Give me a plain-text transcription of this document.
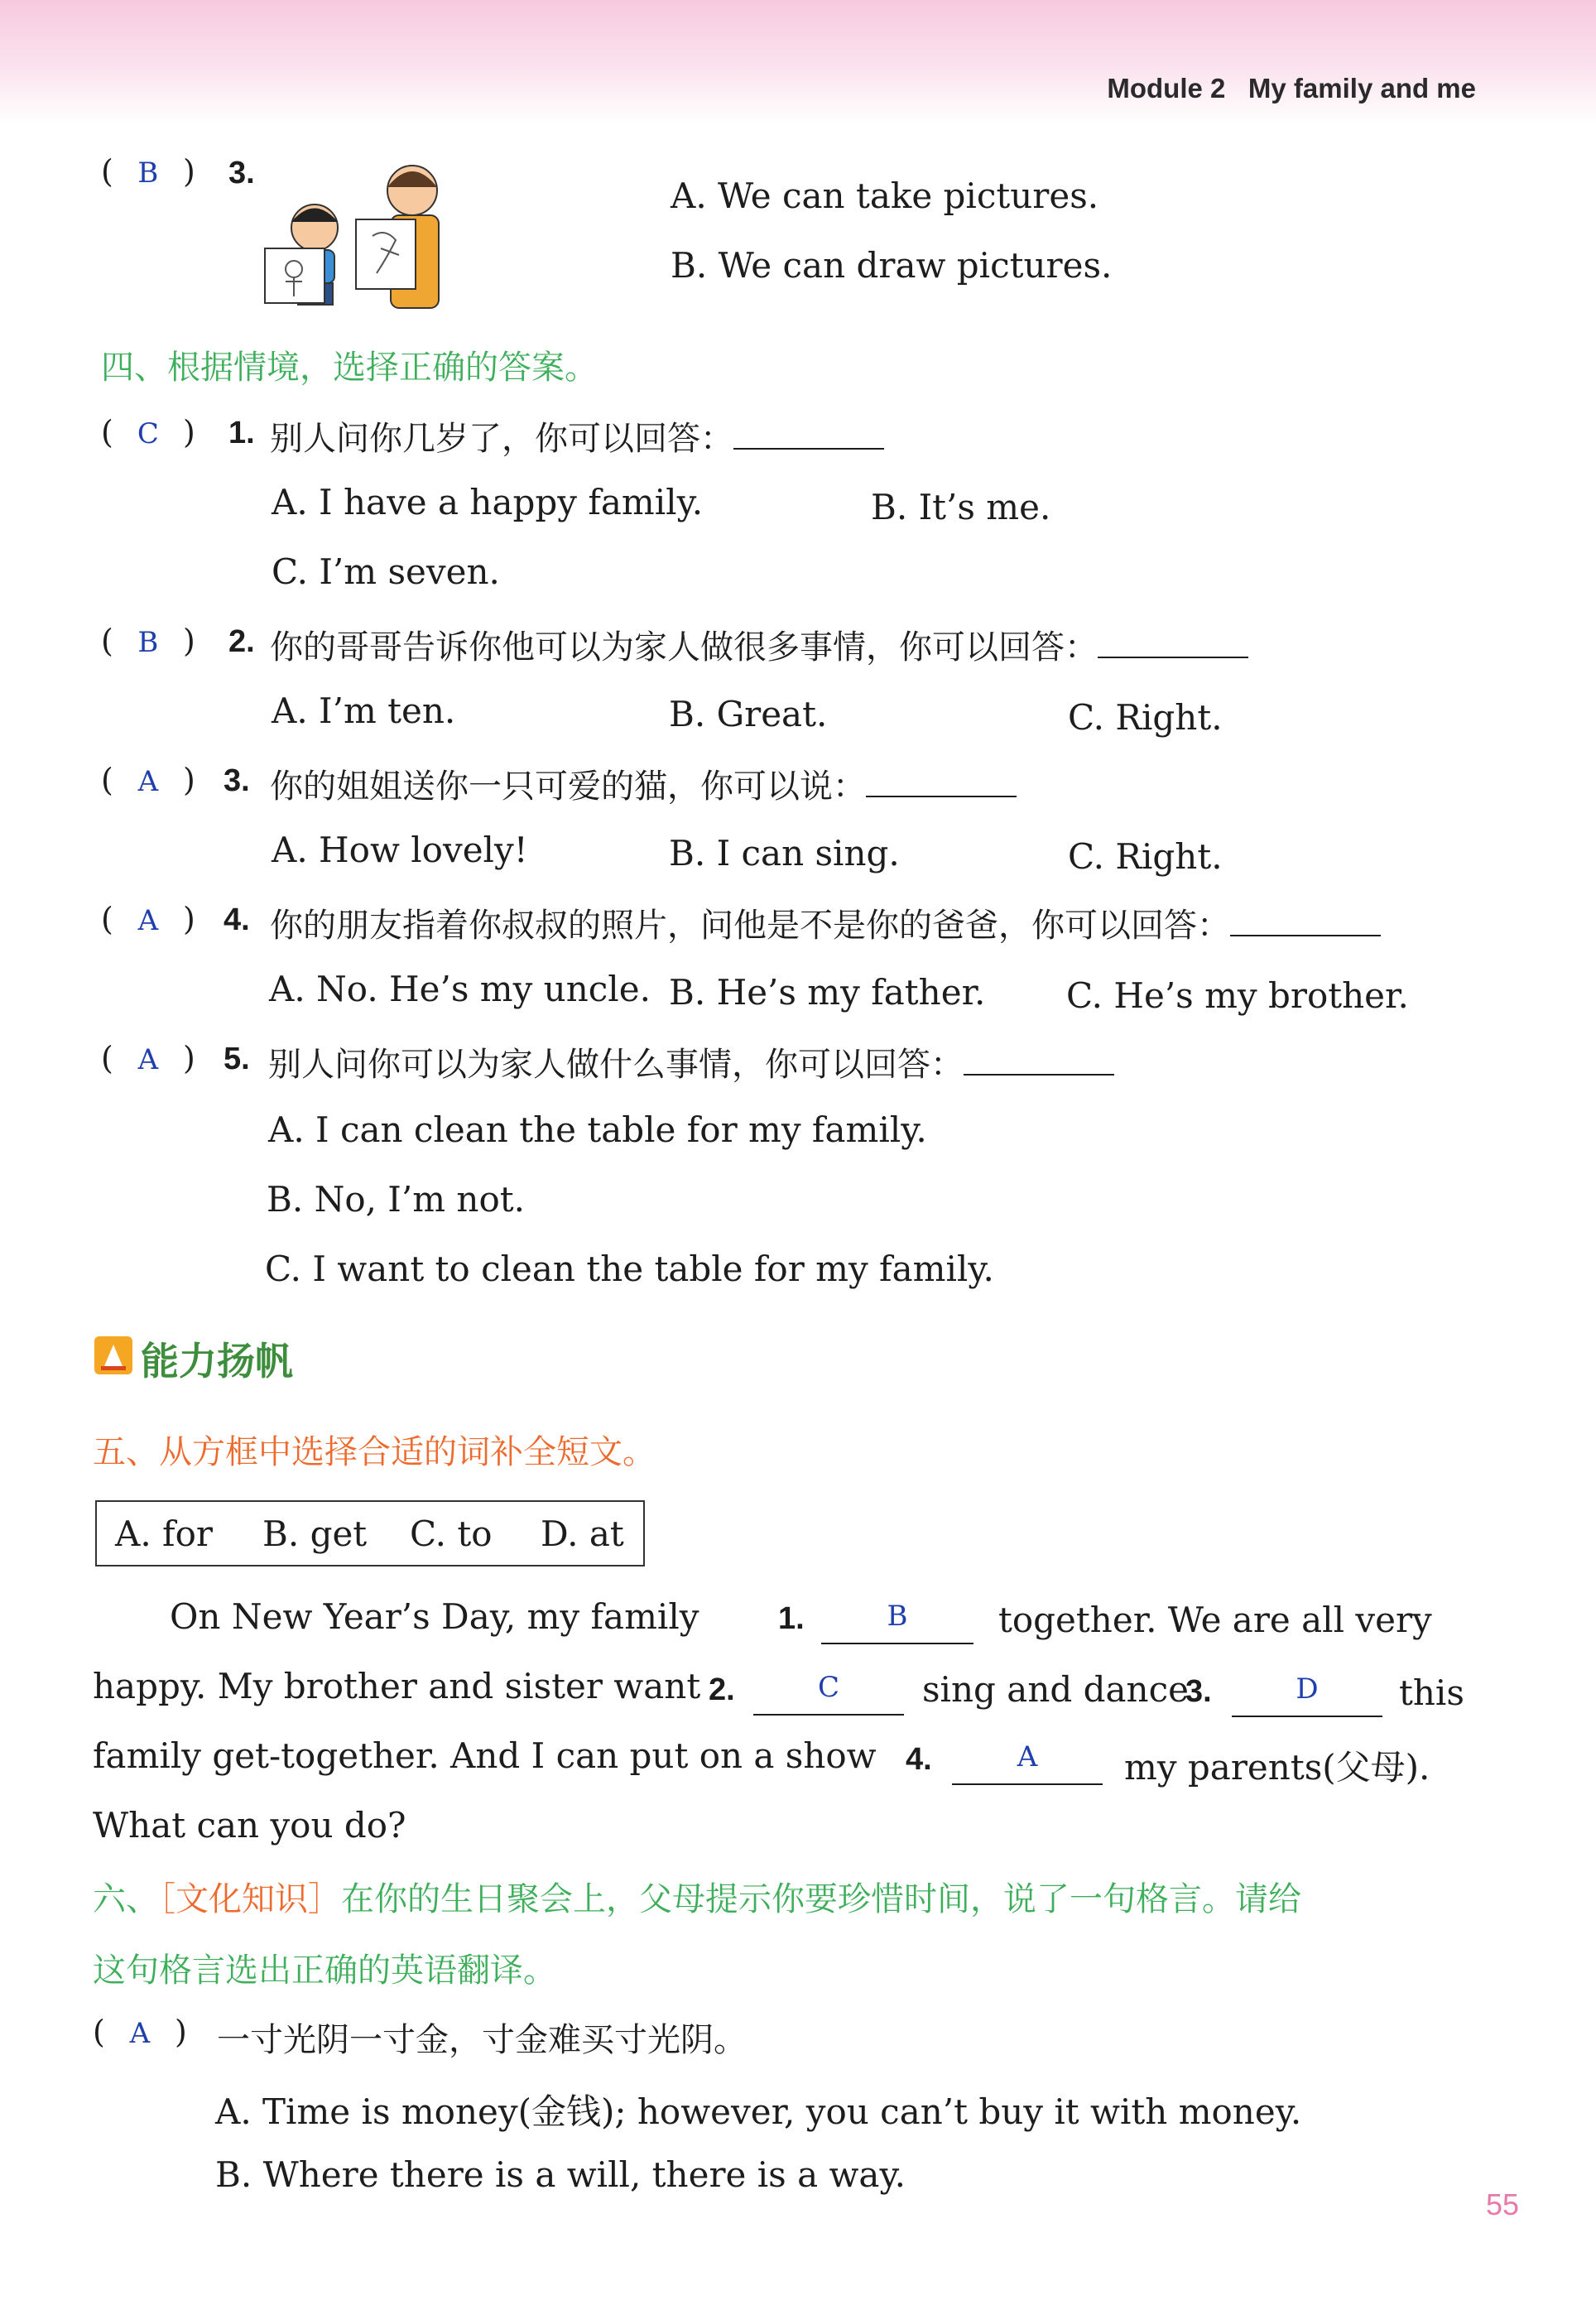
Module 2 My family and me
( B ) 3.
A. We can take pictures.
B. We can draw pictures.
四、根据情境，选择正确的答案。
( C ) 1. 别人问你几岁了，你可以回答：
A. I have a happy family.	B. It’s me.
C. I’m seven.
( B ) 2. 你的哥哥告诉你他可以为家人做很多事情，你可以回答：
A. I’m ten.	B. Great.	C. Right.
( A ) 3. 你的姐姐送你一只可爱的猫，你可以说：
A. How lovely!	B. I can sing.	C. Right.
( A ) 4. 你的朋友指着你叔叔的照片，问他是不是你的爸爸，你可以回答：
A. No. He’s my uncle. B. He’s my father. C. He’s my brother.
( A ) 5. 别人问你可以为家人做什么事情，你可以回答：
A. I can clean the table for my family.
B. No, I’m not.
C. I want to clean the table for my family.
能力扬帆
五、从方框中选择合适的词补全短文。
A. for B. get C. to D. at
On New Year’s Day, my family	1.	B	together. We are all very
happy. My brother and sister want 2.	C	sing and dance
3.	D	this
family get-together. And I can put on a show 4.	A	my parents(父母).
What can you do?
六、［文化知识］在你的生日聚会上，父母提示你要珍惜时间，说了一句格言。请给
这句格言选出正确的英语翻译。
( A ) 一寸光阴一寸金，寸金难买寸光阴。
A. Time is money(金钱); however, you can’t buy it with money.
B. Where there is a will, there is a way.
55
